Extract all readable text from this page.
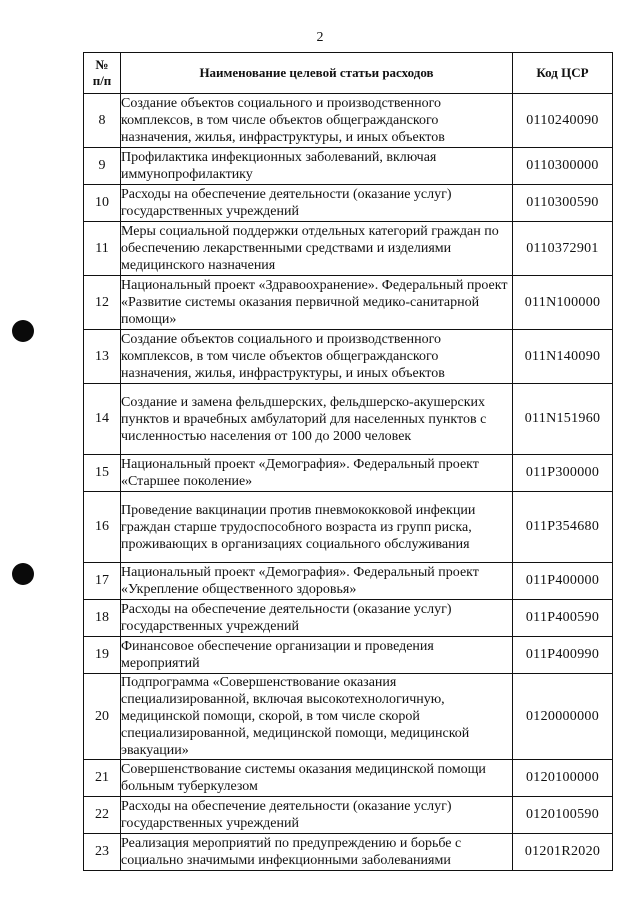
2
№
п/п	Наименование целевой статьи расходов	Код ЦСР
8	Создание объектов социального и производственного комплексов, в том числе объектов общегражданского назначения, жилья, инфраструктуры, и иных объектов	0110240090
9	Профилактика инфекционных заболеваний, включая иммунопрофилактику	0110300000
10	Расходы на обеспечение деятельности (оказание услуг) государственных учреждений	0110300590
11	Меры социальной поддержки отдельных категорий граждан по обеспечению лекарственными средствами и изделиями медицинского назначения	0110372901
12	Национальный проект «Здравоохранение». Федеральный проект «Развитие системы оказания первичной медико-санитарной помощи»	011N100000
13	Создание объектов социального и производственного комплексов, в том числе объектов общегражданского назначения, жилья, инфраструктуры, и иных объектов	011N140090
14	Создание и замена фельдшерских, фельдшерско-акушерских пунктов и врачебных амбулаторий для населенных пунктов с численностью населения от 100 до 2000 человек	011N151960
15	Национальный проект «Демография». Федеральный проект «Старшее поколение»	011P300000
16	Проведение вакцинации против пневмококковой инфекции граждан старше трудоспособного возраста из групп риска, проживающих в организациях социального обслуживания	011P354680
17	Национальный проект «Демография». Федеральный проект «Укрепление общественного здоровья»	011P400000
18	Расходы на обеспечение деятельности (оказание услуг) государственных учреждений	011P400590
19	Финансовое обеспечение организации и проведения мероприятий	011P400990
20	Подпрограмма «Совершенствование оказания специализированной, включая высокотехнологичную, медицинской помощи, скорой, в том числе скорой специализированной, медицинской помощи, медицинской эвакуации»	0120000000
21	Совершенствование системы оказания медицинской помощи больным туберкулезом	0120100000
22	Расходы на обеспечение деятельности (оказание услуг) государственных учреждений	0120100590
23	Реализация мероприятий по предупреждению и борьбе с социально значимыми инфекционными заболеваниями	01201R2020
